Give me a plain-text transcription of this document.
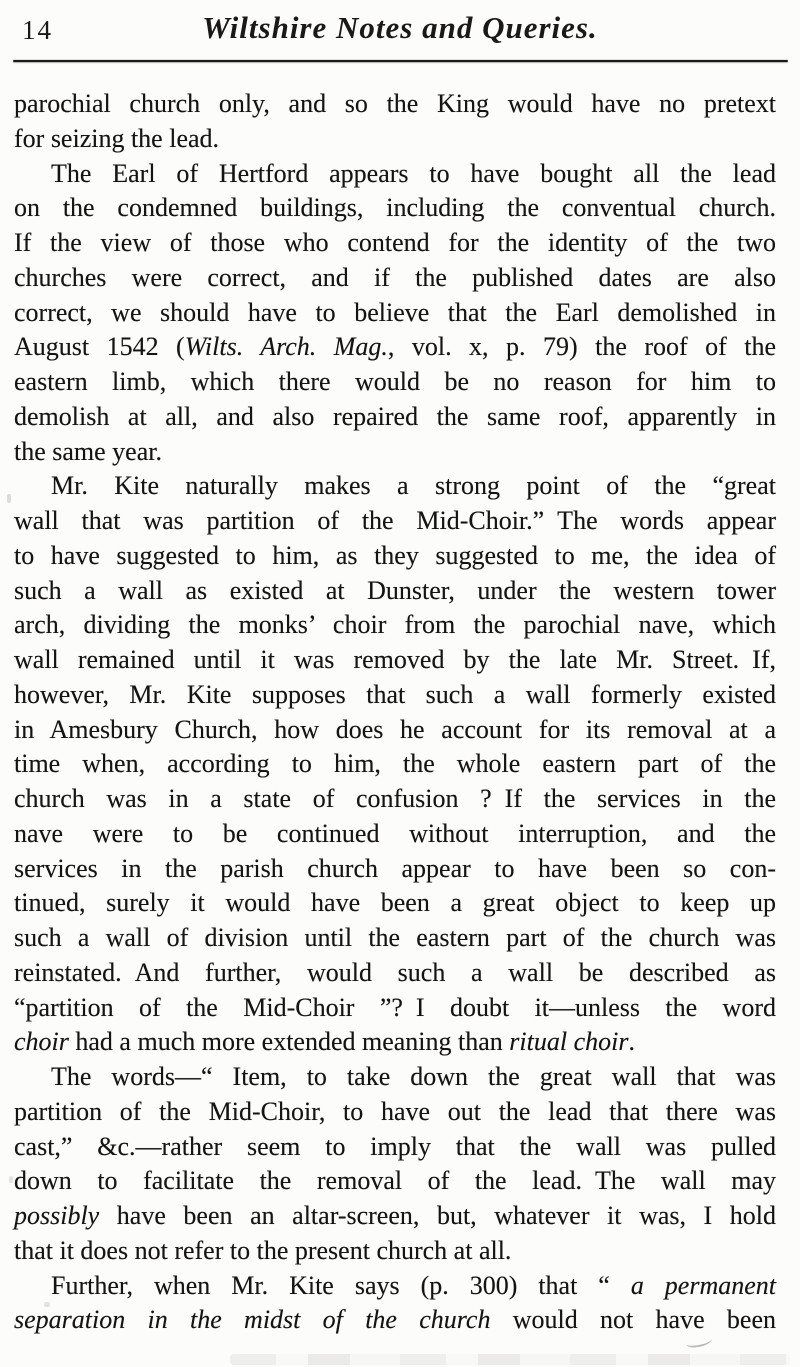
14	Wiltshire Notes and Queries.
parochial church only, and so the King would have no pretext
for seizing the lead.
The Earl of Hertford appears to have bought all the lead
on the condemned buildings, including the conventual church.
If the view of those who contend for the identity of the two
churches were correct, and if the published dates are also
correct, we should have to believe that the Earl demolished in
August 1542 (Wilts. Arch. Mag., vol. x, p. 79) the roof of the
eastern limb, which there would be no reason for him to
demolish at all, and also repaired the same roof, apparently in
the same year.
Mr. Kite naturally makes a strong point of the “great
wall that was partition of the Mid-Choir.” The words appear
to have suggested to him, as they suggested to me, the idea of
such a wall as existed at Dunster, under the western tower
arch, dividing the monks’ choir from the parochial nave, which
wall remained until it was removed by the late Mr. Street. If,
however, Mr. Kite supposes that such a wall formerly existed
in Amesbury Church, how does he account for its removal at a
time when, according to him, the whole eastern part of the
church was in a state of confusion ? If the services in the
nave were to be continued without interruption, and the
services in the parish church appear to have been so con-
tinued, surely it would have been a great object to keep up
such a wall of division until the eastern part of the church was
reinstated. And further, would such a wall be described as
“partition of the Mid-Choir ”? I doubt it—unless the word
choir had a much more extended meaning than ritual choir.
The words—“ Item, to take down the great wall that was
partition of the Mid-Choir, to have out the lead that there was
cast,” &c.—rather seem to imply that the wall was pulled
down to facilitate the removal of the lead. The wall may
possibly have been an altar-screen, but, whatever it was, I hold
that it does not refer to the present church at all.
Further, when Mr. Kite says (p. 300) that “ a permanent
separation in the midst of the church would not have been
